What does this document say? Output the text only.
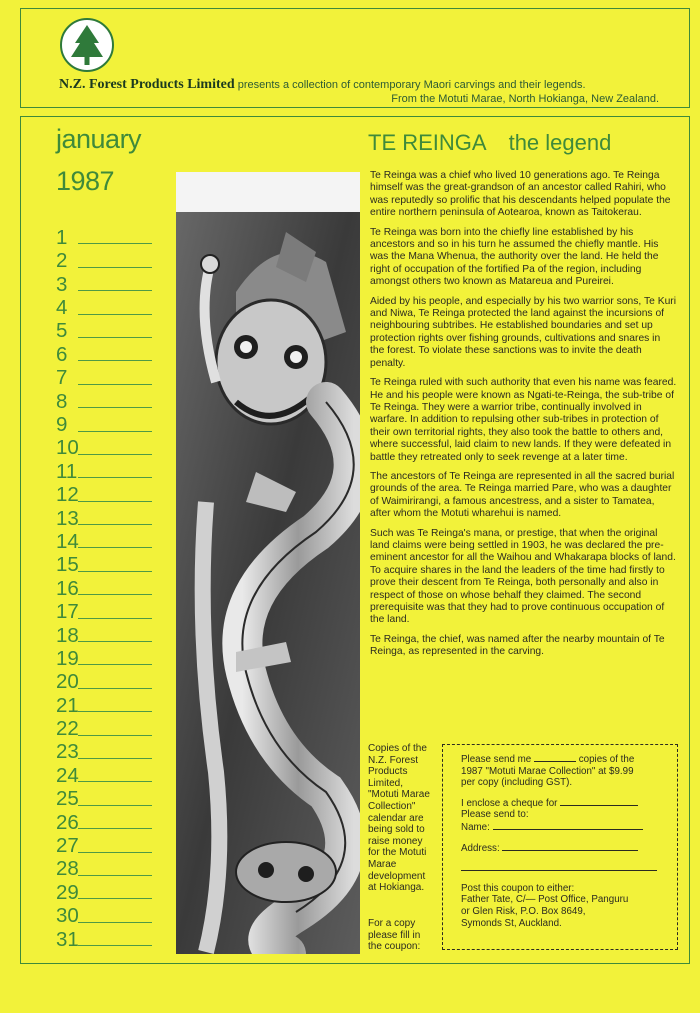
N.Z. Forest Products Limited presents a collection of contemporary Maori carvings and their legends.
From the Motuti Marae, North Hokianga, New Zealand.
january
1987
1
2
3
4
5
6
7
8
9
10
11
12
13
14
15
16
17
18
19
20
21
22
23
24
25
26
27
28
29
30
31
TE REINGA the legend

Te Reinga was a chief who lived 10 generations ago. Te Reinga himself was the great-grandson of an ancestor called Rahiri, who was reputedly so prolific that his descendants helped populate the entire northern peninsula of Aotearoa, known as Taitokerau.

Te Reinga was born into the chiefly line established by his ancestors and so in his turn he assumed the chiefly mantle. His was the Mana Whenua, the authority over the land. He held the right of occupation of the fortified Pa of the region, including amongst others two known as Matareua and Pureirei.

Aided by his people, and especially by his two warrior sons, Te Kuri and Niwa, Te Reinga protected the land against the incursions of neighbouring subtribes. He established boundaries and set up protection rights over fishing grounds, cultivations and snares in the forest. To violate these sanctions was to invite the death penalty.

Te Reinga ruled with such authority that even his name was feared. He and his people were known as Ngati-te-Reinga, the sub-tribe of Te Reinga. They were a warrior tribe, continually involved in warfare. In addition to repulsing other sub-tribes in protection of their own territorial rights, they also took the battle to others and, where successful, laid claim to new lands. If they were defeated in battle they retreated only to seek revenge at a later time.

The ancestors of Te Reinga are represented in all the sacred burial grounds of the area. Te Reinga married Pare, who was a daughter of Waimirirangi, a famous ancestress, and a sister to Tamatea, after whom the Motuti wharehui is named.

Such was Te Reinga's mana, or prestige, that when the original land claims were being settled in 1903, he was declared the pre-eminent ancestor for all the Waihou and Whakarapa blocks of land. To acquire shares in the land the leaders of the time had firstly to prove their descent from Te Reinga, both personally and also in respect of those on whose behalf they claimed. The second prerequisite was that they had to prove continuous occupation of the land.

Te Reinga, the chief, was named after the nearby mountain of Te Reinga, as represented in the carving.

Copies of the N.Z. Forest Products Limited, "Motuti Marae Collection" calendar are being sold to raise money for the Motuti Marae development at Hokianga.
For a copy please fill in the coupon:

Please send me	copies of the

1987 "Motuti Marae Collection" at $9.99

per copy (including GST).

I enclose a cheque for

Please send to:

Name:

Address:

Post this coupon to either:

Father Tate, C/— Post Office, Panguru

or Glen Risk, P.O. Box 8649,

Symonds St, Auckland.
